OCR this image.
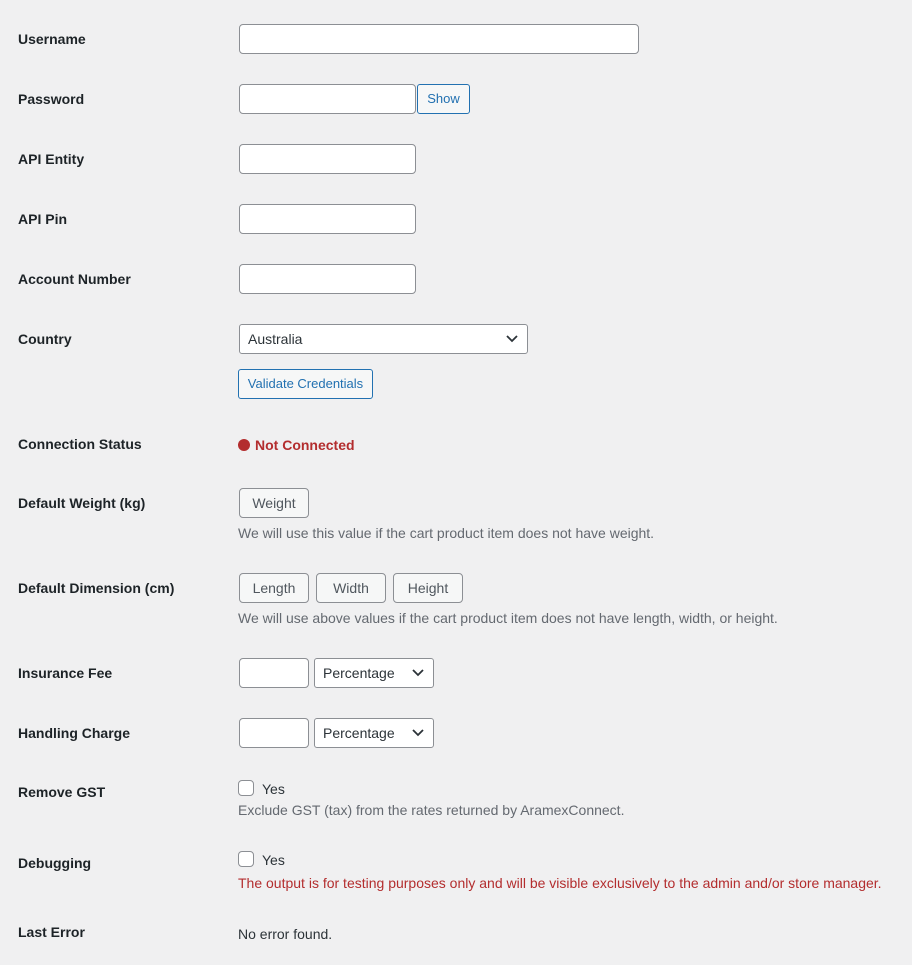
Username
Password	Show
API Entity
API Pin
Account Number
Country	Australia
Validate Credentials
Connection Status	Not Connected
Default Weight (kg)	Weight
We will use this value if the cart product item does not have weight.
Default Dimension (cm)	Length	Width	Height
We will use above values if the cart product item does not have length, width, or height.
Insurance Fee	Percentage
Handling Charge	Percentage
Remove GST	Yes
Exclude GST (tax) from the rates returned by AramexConnect.
Debugging	Yes
The output is for testing purposes only and will be visible exclusively to the admin and/or store manager.
Last Error	No error found.
